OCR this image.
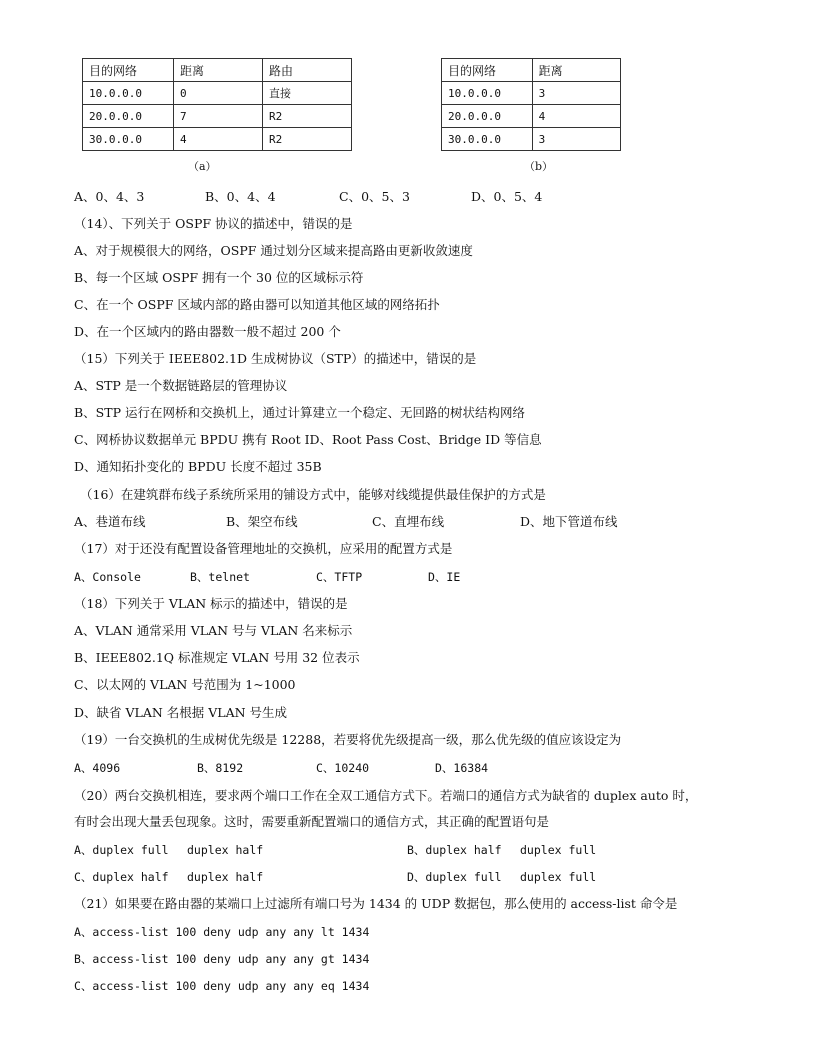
目的网络	距离	路由
10.0.0.0	0	直接
20.0.0.0	7	R2
30.0.0.0	4	R2
（a）
目的网络	距离
10.0.0.0	3
20.0.0.0	4
30.0.0.0	3
（b）
A、0、4、3	B、0、4、4	C、0、5、3	D、0、5、4
（14）、下列关于 OSPF 协议的描述中，错误的是
A、对于规模很大的网络，OSPF 通过划分区域来提高路由更新收敛速度
B、每一个区域 OSPF 拥有一个 30 位的区域标示符
C、在一个 OSPF 区域内部的路由器可以知道其他区域的网络拓扑
D、在一个区域内的路由器数一般不超过 200 个
（15）下列关于 IEEE802.1D 生成树协议（STP）的描述中，错误的是
A、STP 是一个数据链路层的管理协议
B、STP 运行在网桥和交换机上，通过计算建立一个稳定、无回路的树状结构网络
C、网桥协议数据单元 BPDU 携有 Root ID、Root Pass Cost、Bridge ID 等信息
D、通知拓扑变化的 BPDU 长度不超过 35B
（16）在建筑群布线子系统所采用的铺设方式中，能够对线缆提供最佳保护的方式是
A、巷道布线	B、架空布线	C、直埋布线	D、地下管道布线
（17）对于还没有配置设备管理地址的交换机，应采用的配置方式是
A、Console	B、telnet	C、TFTP	D、IE
（18）下列关于 VLAN 标示的描述中，错误的是
A、VLAN 通常采用 VLAN 号与 VLAN 名来标示
B、IEEE802.1Q 标准规定 VLAN 号用 32 位表示
C、以太网的 VLAN 号范围为 1~1000
D、缺省 VLAN 名根据 VLAN 号生成
（19）一台交换机的生成树优先级是 12288，若要将优先级提高一级，那么优先级的值应该设定为
A、4096	B、8192	C、10240	D、16384
（20）两台交换机相连，要求两个端口工作在全双工通信方式下。若端口的通信方式为缺省的 duplex auto 时，
有时会出现大量丢包现象。这时，需要重新配置端口的通信方式，其正确的配置语句是
A、duplex full　 duplex half	B、duplex half　 duplex full
C、duplex half　 duplex half	D、duplex full　 duplex full
（21）如果要在路由器的某端口上过滤所有端口号为 1434 的 UDP 数据包，那么使用的 access-list 命令是
A、access-list 100 deny udp any any lt 1434
B、access-list 100 deny udp any any gt 1434
C、access-list 100 deny udp any any eq 1434
